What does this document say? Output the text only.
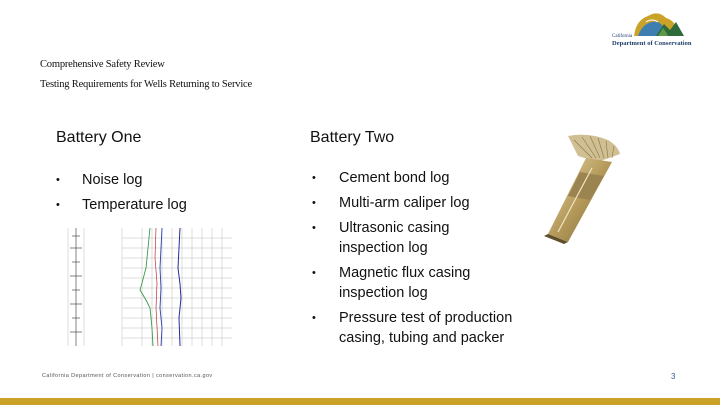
California
Department of Conservation
Comprehensive Safety Review
Testing Requirements for Wells Returning to Service
Battery One	Battery Two
• Noise log
• Temperature log
• Cement bond log
• Multi-arm caliper log
• Ultrasonic casing
inspection log
• Magnetic flux casing
inspection log
• Pressure test of production
casing, tubing and packer
California Department of Conservation | conservation.ca.gov	3
